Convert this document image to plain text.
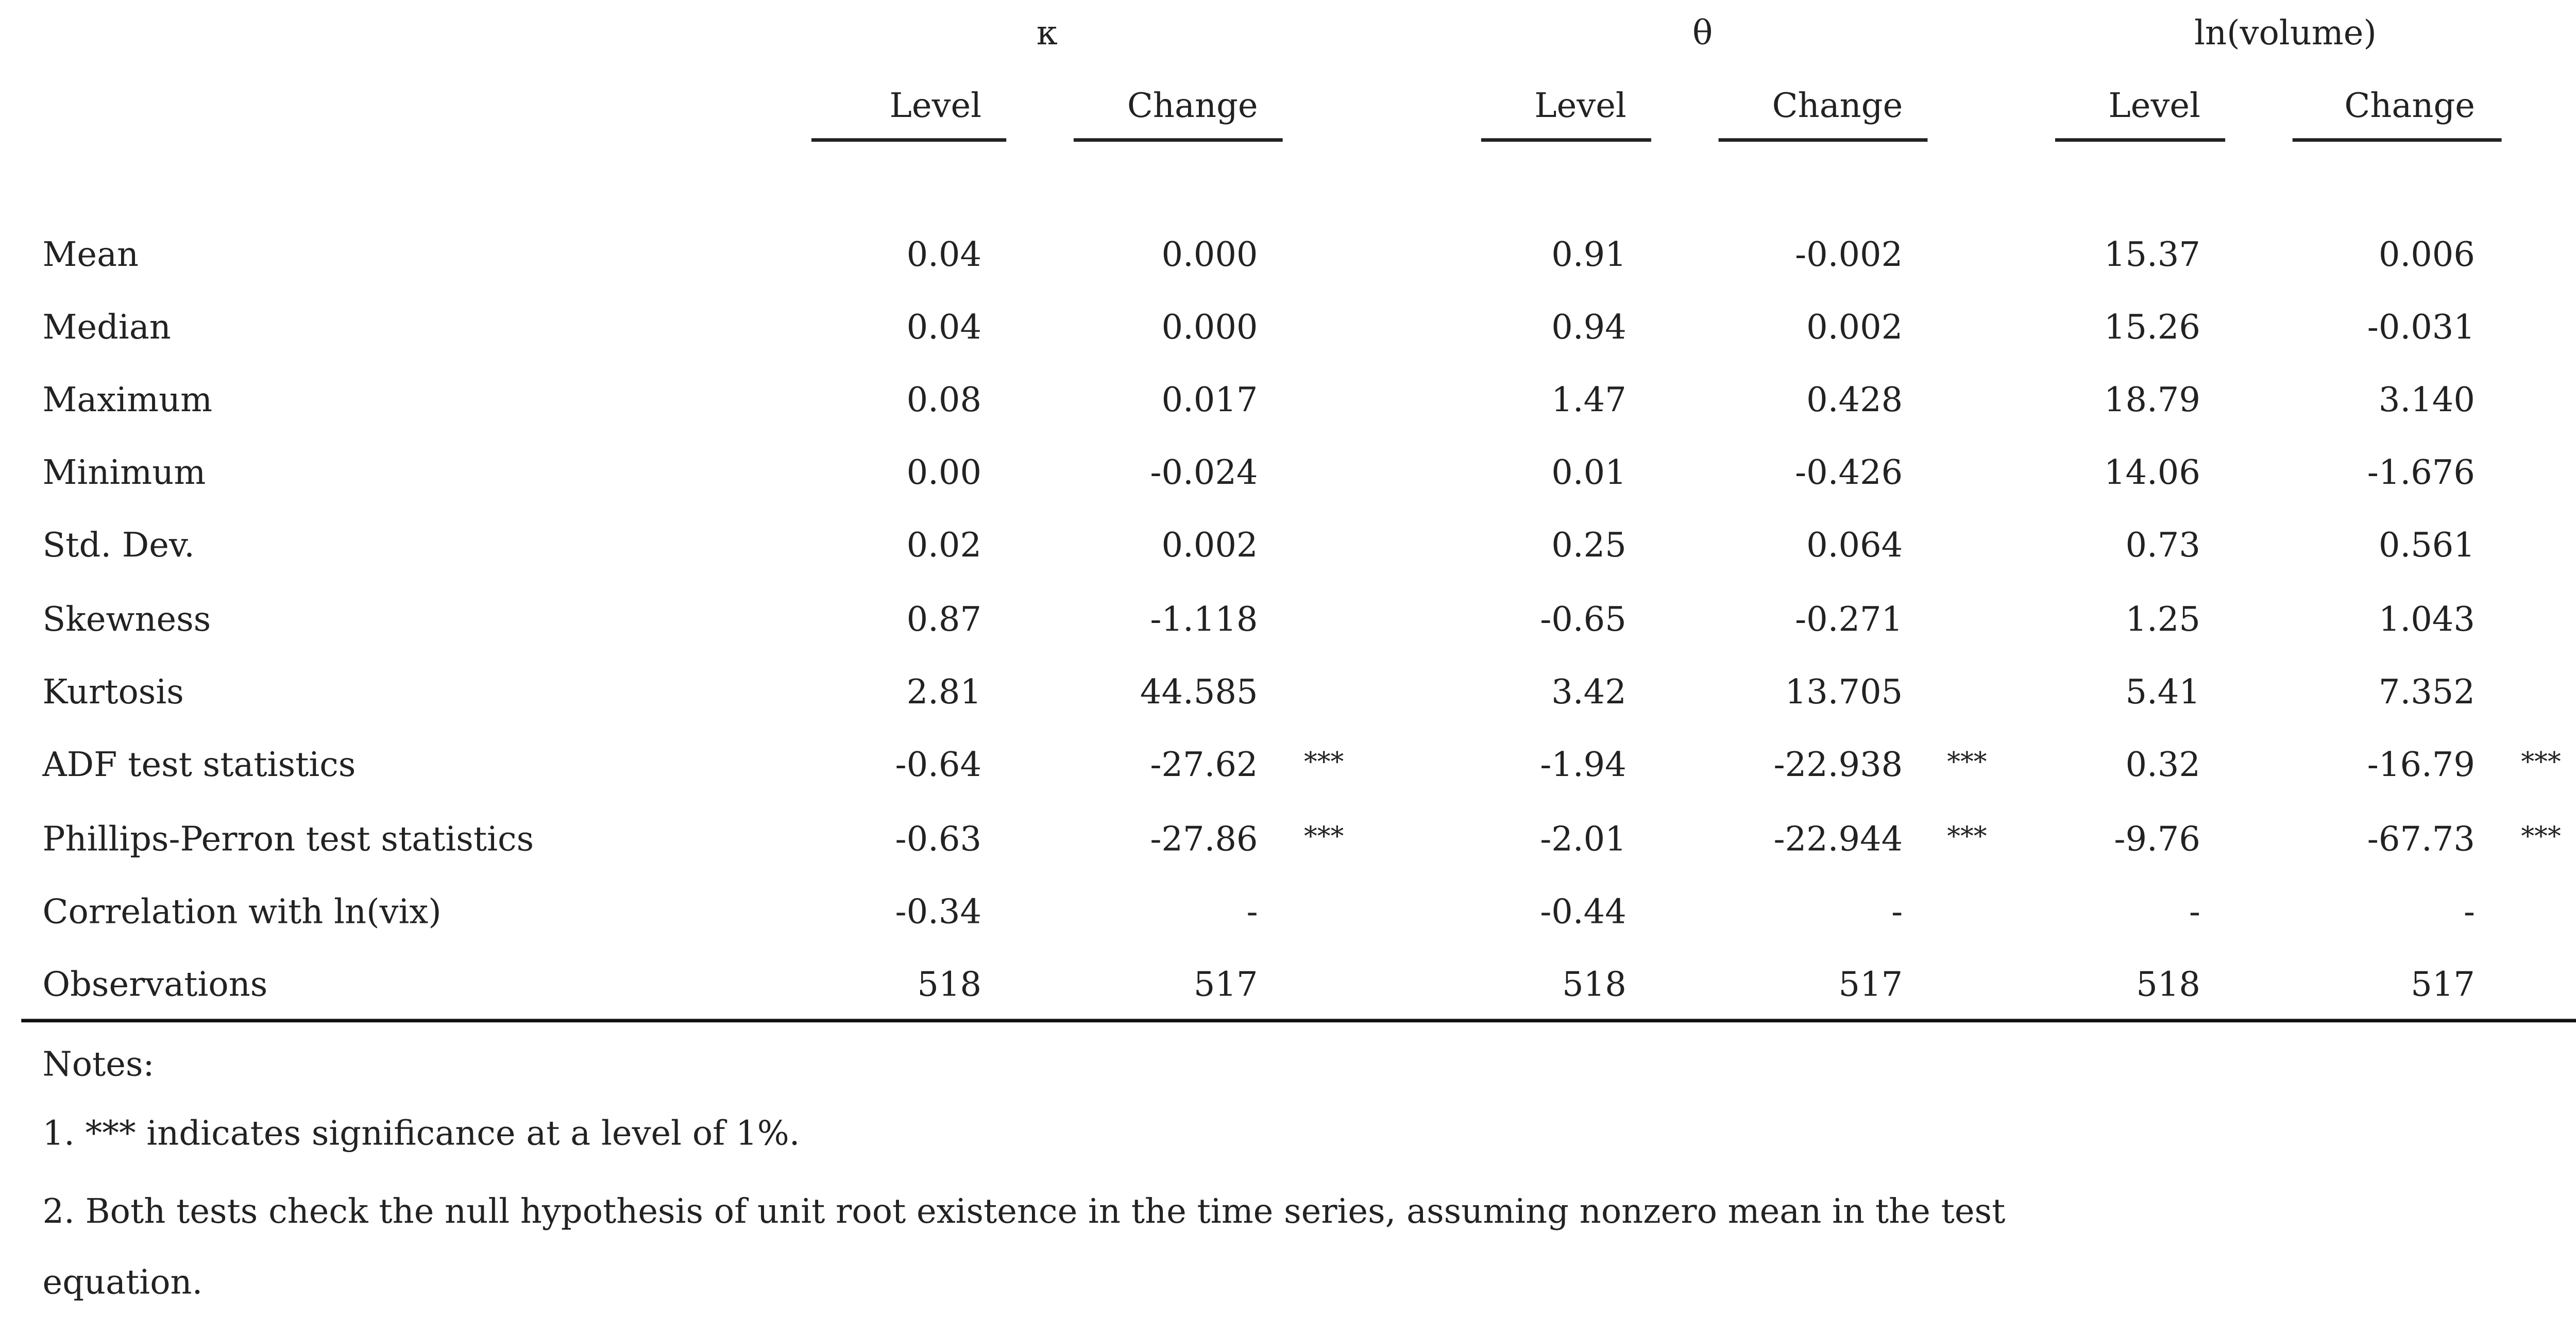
κ	θ	ln(volume)
Level	Change	Level	Change	Level	Change
Mean	0.04	0.000	0.91	-0.002	15.37	0.006
Median	0.04	0.000	0.94	0.002	15.26	-0.031
Maximum	0.08	0.017	1.47	0.428	18.79	3.140
Minimum	0.00	-0.024	0.01	-0.426	14.06	-1.676
Std. Dev.	0.02	0.002	0.25	0.064	0.73	0.561
Skewness	0.87	-1.118	-0.65	-0.271	1.25	1.043
Kurtosis	2.81	44.585	3.42	13.705	5.41	7.352
ADF test statistics	-0.64	-27.62	***	-1.94	-22.938	***	0.32	-16.79	***
Phillips-Perron test statistics	-0.63	-27.86	***	-2.01	-22.944	***	-9.76	-67.73	***
Correlation with ln(vix)	-0.34	-	-0.44	-	-	-
Observations	518	517	518	517	518	517
Notes:
1. *** indicates significance at a level of 1%.
2. Both tests check the null hypothesis of unit root existence in the time series, assuming nonzero mean in the test
equation.
